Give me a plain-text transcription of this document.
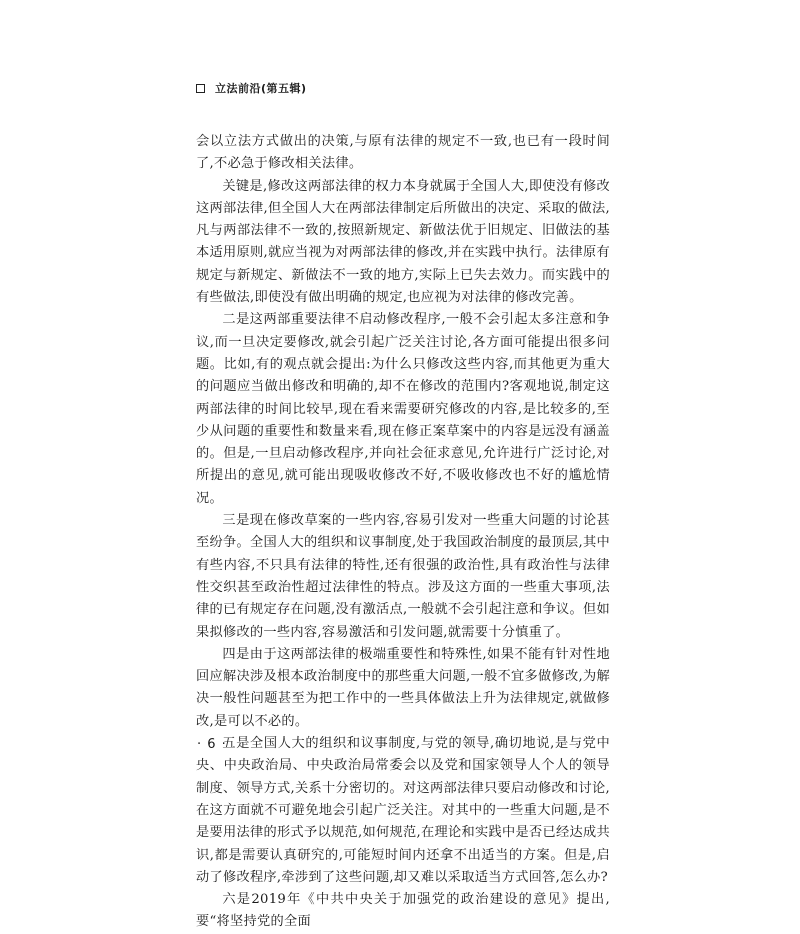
立法前沿(第五辑)

会以立法方式做出的决策,与原有法律的规定不一致,也已有一段时间了,不必急于修改相关法律。

关键是,修改这两部法律的权力本身就属于全国人大,即使没有修改这两部法律,但全国人大在两部法律制定后所做出的决定、采取的做法,凡与两部法律不一致的,按照新规定、新做法优于旧规定、旧做法的基本适用原则,就应当视为对两部法律的修改,并在实践中执行。法律原有规定与新规定、新做法不一致的地方,实际上已失去效力。而实践中的有些做法,即使没有做出明确的规定,也应视为对法律的修改完善。

二是这两部重要法律不启动修改程序,一般不会引起太多注意和争议,而一旦决定要修改,就会引起广泛关注讨论,各方面可能提出很多问题。比如,有的观点就会提出:为什么只修改这些内容,而其他更为重大的问题应当做出修改和明确的,却不在修改的范围内?客观地说,制定这两部法律的时间比较早,现在看来需要研究修改的内容,是比较多的,至少从问题的重要性和数量来看,现在修正案草案中的内容是远没有涵盖的。但是,一旦启动修改程序,并向社会征求意见,允许进行广泛讨论,对所提出的意见,就可能出现吸收修改不好,不吸收修改也不好的尴尬情况。

三是现在修改草案的一些内容,容易引发对一些重大问题的讨论甚至纷争。全国人大的组织和议事制度,处于我国政治制度的最顶层,其中有些内容,不只具有法律的特性,还有很强的政治性,具有政治性与法律性交织甚至政治性超过法律性的特点。涉及这方面的一些重大事项,法律的已有规定存在问题,没有激活点,一般就不会引起注意和争议。但如果拟修改的一些内容,容易激活和引发问题,就需要十分慎重了。

四是由于这两部法律的极端重要性和特殊性,如果不能有针对性地回应解决涉及根本政治制度中的那些重大问题,一般不宜多做修改,为解决一般性问题甚至为把工作中的一些具体做法上升为法律规定,就做修改,是可以不必的。

五是全国人大的组织和议事制度,与党的领导,确切地说,是与党中央、中央政治局、中央政治局常委会以及党和国家领导人个人的领导制度、领导方式,关系十分密切的。对这两部法律只要启动修改和讨论,在这方面就不可避免地会引起广泛关注。对其中的一些重大问题,是不是要用法律的形式予以规范,如何规范,在理论和实践中是否已经达成共识,都是需要认真研究的,可能短时间内还拿不出适当的方案。但是,启动了修改程序,牵涉到了这些问题,却又难以采取适当方式回答,怎么办?

六是2019年《中共中央关于加强党的政治建设的意见》提出,要“将坚持党的全面

· 6 ·
